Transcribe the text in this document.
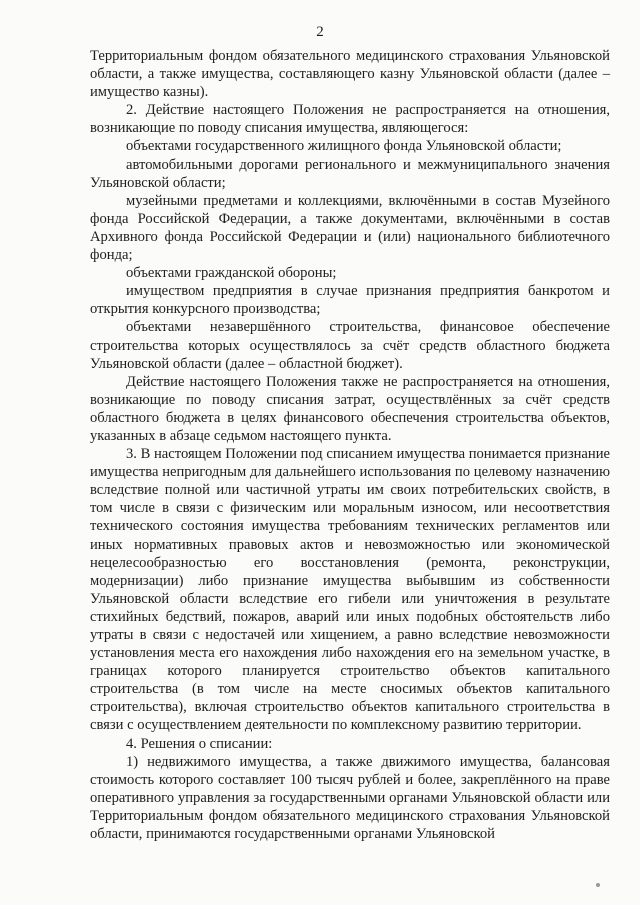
2

Территориальным фондом обязательного медицинского страхования Ульяновской области, а также имущества, составляющего казну Ульяновской области (далее – имущество казны).

2. Действие настоящего Положения не распространяется на отношения, возникающие по поводу списания имущества, являющегося:

объектами государственного жилищного фонда Ульяновской области;

автомобильными дорогами регионального и межмуниципального значения Ульяновской области;

музейными предметами и коллекциями, включёнными в состав Музейного фонда Российской Федерации, а также документами, включёнными в состав Архивного фонда Российской Федерации и (или) национального библиотечного фонда;

объектами гражданской обороны;

имуществом предприятия в случае признания предприятия банкротом и открытия конкурсного производства;

объектами незавершённого строительства, финансовое обеспечение строительства которых осуществлялось за счёт средств областного бюджета Ульяновской области (далее – областной бюджет).

Действие настоящего Положения также не распространяется на отношения, возникающие по поводу списания затрат, осуществлённых за счёт средств областного бюджета в целях финансового обеспечения строительства объектов, указанных в абзаце седьмом настоящего пункта.

3. В настоящем Положении под списанием имущества понимается признание имущества непригодным для дальнейшего использования по целевому назначению вследствие полной или частичной утраты им своих потребительских свойств, в том числе в связи с физическим или моральным износом, или несоответствия технического состояния имущества требованиям технических регламентов или иных нормативных правовых актов и невозможностью или экономической нецелесообразностью его восстановления (ремонта, реконструкции, модернизации) либо признание имущества выбывшим из собственности Ульяновской области вследствие его гибели или уничтожения в результате стихийных бедствий, пожаров, аварий или иных подобных обстоятельств либо утраты в связи с недостачей или хищением, а равно вследствие невозможности установления места его нахождения либо нахождения его на земельном участке, в границах которого планируется строительство объектов капитального строительства (в том числе на месте сносимых объектов капитального строительства), включая строительство объектов капитального строительства в связи с осуществлением деятельности по комплексному развитию территории.

4. Решения о списании:

1) недвижимого имущества, а также движимого имущества, балансовая стоимость которого составляет 100 тысяч рублей и более, закреплённого на праве оперативного управления за государственными органами Ульяновской области или Территориальным фондом обязательного медицинского страхования Ульяновской области, принимаются государственными органами Ульяновской
